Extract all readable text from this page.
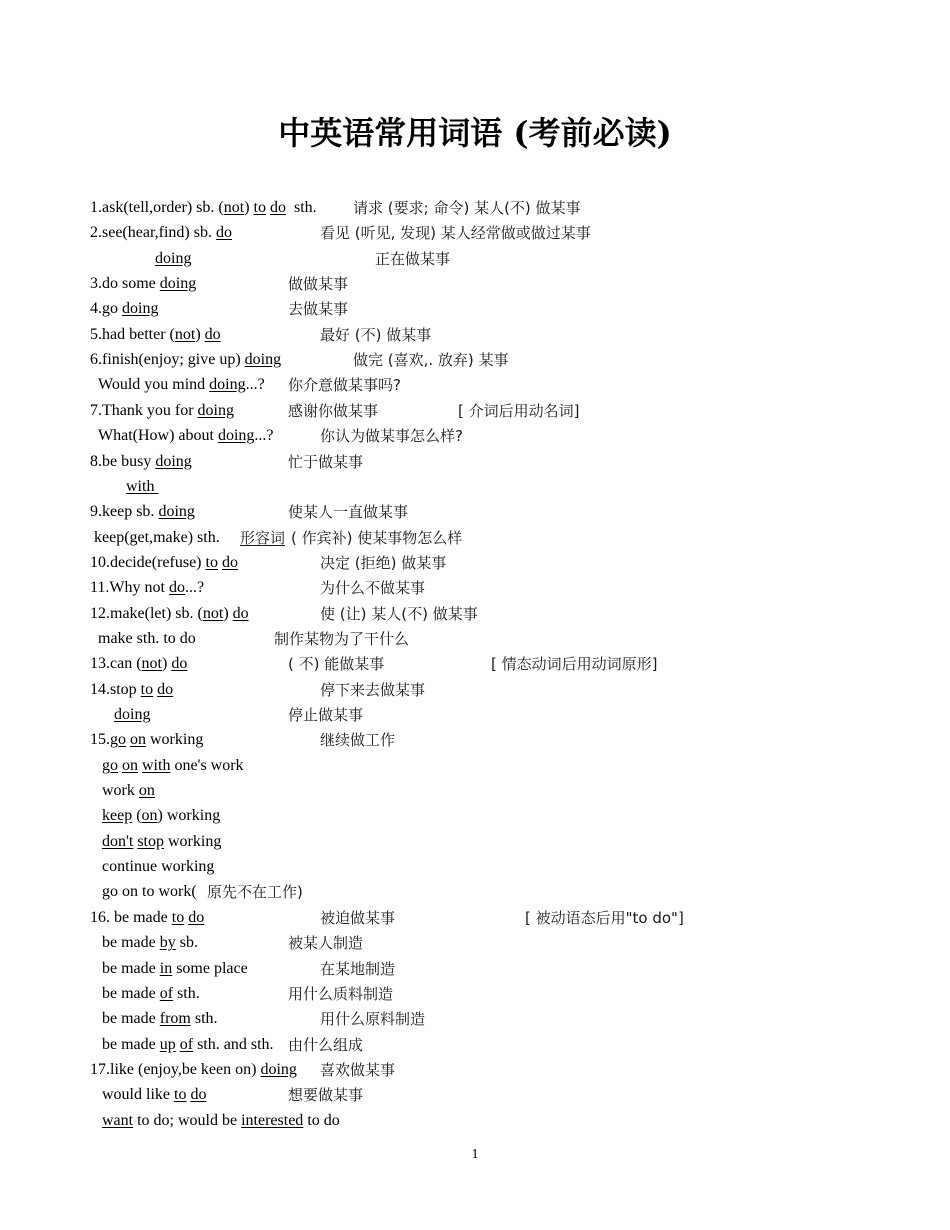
中英语常用词语 (考前必读)
1.ask(tell,order) sb. (not) to do  sth. 请求 (要求; 命令) 某人(不) 做某事
2.see(hear,find) sb. do	看见 (听见, 发现) 某人经常做或做过某事
doing	正在做某事
3.do some doing	做做某事
4.go doing	去做某事
5.had better (not) do	最好 (不) 做某事
6.finish(enjoy; give up) doing	做完 (喜欢,. 放弃) 某事
Would you mind doing...? 你介意做某事吗?
7.Thank you for doing	感谢你做某事	[ 介词后用动名词]
What(How) about doing...?	你认为做某事怎么样?
8.be busy doing	忙于做某事
with
9.keep sb. doing	使某人一直做某事
keep(get,make) sth. 形容词 ( 作宾补) 使某事物怎么样
10.decide(refuse) to do	决定 (拒绝) 做某事
11.Why not do...?	为什么不做某事
12.make(let) sb. (not) do	使 (让) 某人(不) 做某事
make sth. to do	制作某物为了干什么
13.can (not) do	( 不) 能做某事	[ 情态动词后用动词原形]
14.stop to do	停下来去做某事
doing	停止做某事
15.go on working	继续做工作
go on with one's work
work on
keep (on) working
don't stop working
continue working
go on to work( 原先不在工作)
16. be made to do	被迫做某事	[ 被动语态后用"to do"]
be made by sb.	被某人制造
be made in some place	在某地制造
be made of sth.	用什么质料制造
be made from sth.	用什么原料制造
be made up of sth. and sth. 由什么组成
17.like (enjoy,be keen on) doing 喜欢做某事
would like to do	想要做某事
want to do; would be interested to do
1
